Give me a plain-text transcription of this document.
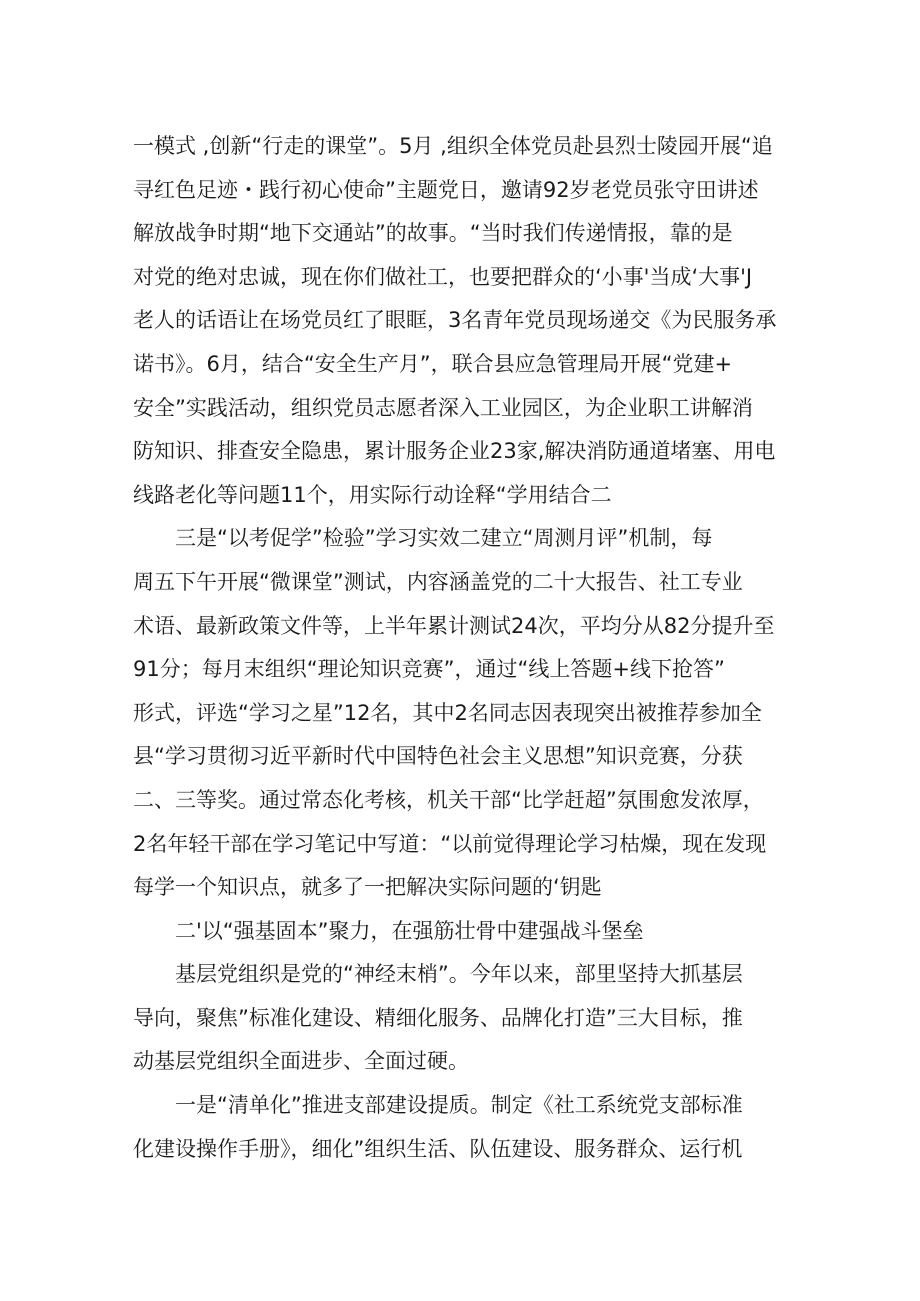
一模式 ,创新“行走的课堂”。5月 ,组织全体党员赴县烈士陵园开展“追
寻红色足迹・践行初心使命”主题党日，邀请92岁老党员张守田讲述
解放战争时期“地下交通站”的故事。“当时我们传递情报，靠的是
对党的绝对忠诚，现在你们做社工，也要把群众的‘小事'当成‘大事'J
老人的话语让在场党员红了眼眶，3名青年党员现场递交《为民服务承
诺书》。6月，结合“安全生产月”，联合县应急管理局开展“党建+
安全”实践活动，组织党员志愿者深入工业园区，为企业职工讲解消
防知识、排查安全隐患，累计服务企业23家,解决消防通道堵塞、用电
线路老化等问题11个，用实际行动诠释“学用结合二
　　三是“以考促学”检验”学习实效二建立“周测月评”机制，每
周五下午开展“微课堂”测试，内容涵盖党的二十大报告、社工专业
术语、最新政策文件等，上半年累计测试24次，平均分从82分提升至
91分；每月末组织“理论知识竞赛”，通过“线上答题+线下抢答”
形式，评选“学习之星”12名，其中2名同志因表现突出被推荐参加全
县“学习贯彻习近平新时代中国特色社会主义思想”知识竞赛，分获
二、三等奖。通过常态化考核，机关干部“比学赶超”氛围愈发浓厚，
2名年轻干部在学习笔记中写道：“以前觉得理论学习枯燥，现在发现
每学一个知识点，就多了一把解决实际问题的‘钥匙
　　二'以“强基固本”聚力，在强筋壮骨中建强战斗堡垒
　　基层党组织是党的“神经末梢”。今年以来，部里坚持大抓基层
导向，聚焦”标准化建设、精细化服务、品牌化打造”三大目标，推
动基层党组织全面进步、全面过硬。
　　一是“清单化”推进支部建设提质。制定《社工系统党支部标准
化建设操作手册》，细化”组织生活、队伍建设、服务群众、运行机
